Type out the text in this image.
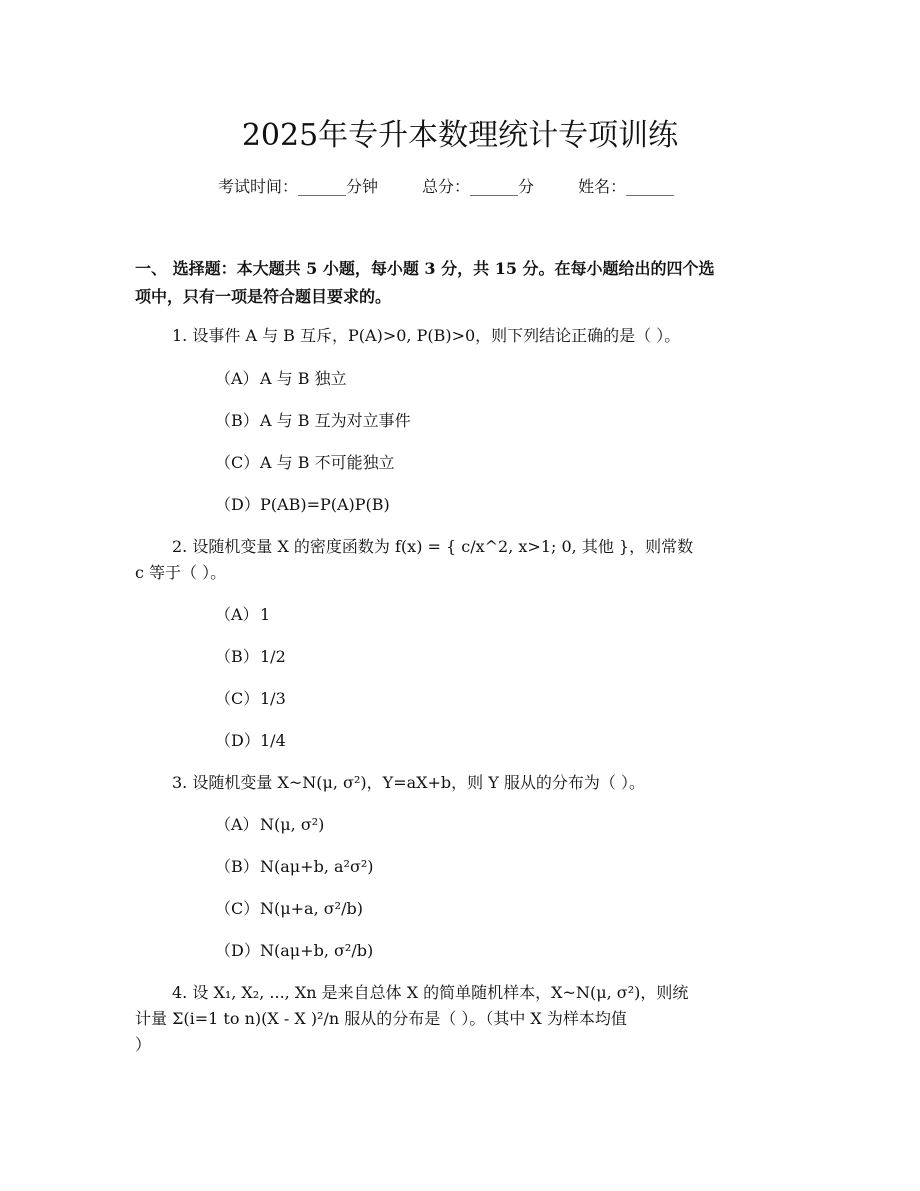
2025年专升本数理统计专项训练
考试时间：______分钟	总分：______分	姓名：______
一、 选择题：本大题共 5 小题，每小题 3 分，共 15 分。在每小题给出的四个选
项中，只有一项是符合题目要求的。
1. 设事件 A 与 B 互斥，P(A)>0, P(B)>0，则下列结论正确的是（ ）。
（A）A 与 B 独立
（B）A 与 B 互为对立事件
（C）A 与 B 不可能独立
（D）P(AB)=P(A)P(B)
2. 设随机变量 X 的密度函数为 f(x) = { c/x^2, x>1; 0, 其他 }，则常数
c 等于（ ）。
（A）1
（B）1/2
（C）1/3
（D）1/4
3. 设随机变量 X~N(μ, σ²)，Y=aX+b，则 Y 服从的分布为（ ）。
（A）N(μ, σ²)
（B）N(aμ+b, a²σ²)
（C）N(μ+a, σ²/b)
（D）N(aμ+b, σ²/b)
4. 设 X₁, X₂, ..., Xn 是来自总体 X 的简单随机样本，X~N(μ, σ²)，则统
计量 Σ(i=1 to n)(X - X )²/n 服从的分布是（ ）。（其中 X 为样本均值
）
